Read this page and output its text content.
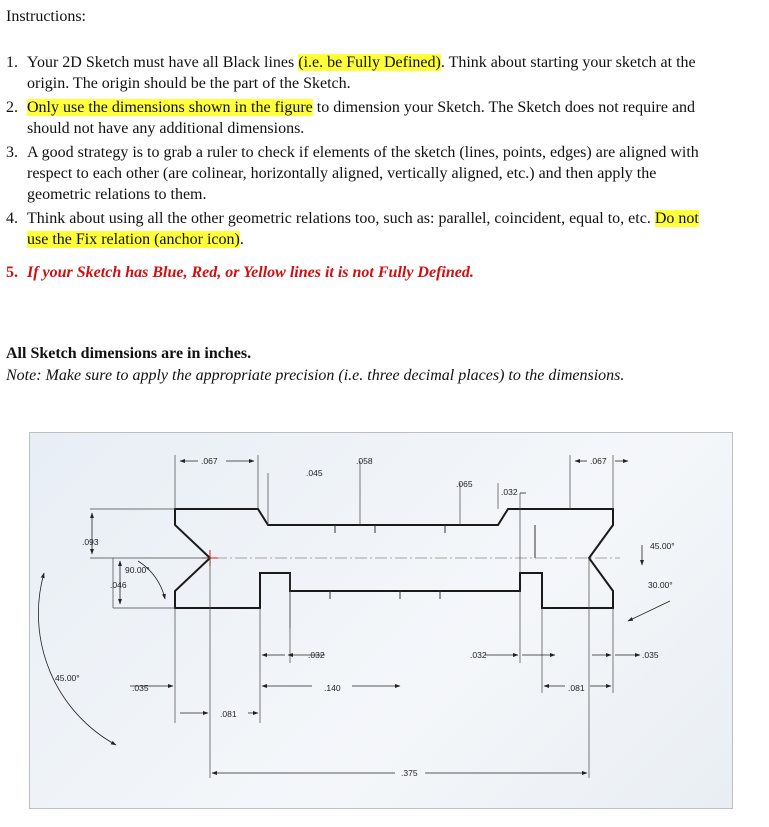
Instructions:
1. Your 2D Sketch must have all Black lines (i.e. be Fully Defined). Think about starting your sketch at the origin. The origin should be the part of the Sketch.
2. Only use the dimensions shown in the figure to dimension your Sketch. The Sketch does not require and should not have any additional dimensions.
3. A good strategy is to grab a ruler to check if elements of the sketch (lines, points, edges) are aligned with respect to each other (are colinear, horizontally aligned, vertically aligned, etc.) and then apply the geometric relations to them.
4. Think about using all the other geometric relations too, such as: parallel, coincident, equal to, etc. Do not use the Fix relation (anchor icon).
5. If your Sketch has Blue, Red, or Yellow lines it is not Fully Defined.
All Sketch dimensions are in inches.
Note: Make sure to apply the appropriate precision (i.e. three decimal places) to the dimensions.
.067
.045
.058
.065
.032
.067
.093	45.00°
90.00°
.046	30.00°
.032	.032	.035
45.00°
.035	.140	.081
.081
.375
